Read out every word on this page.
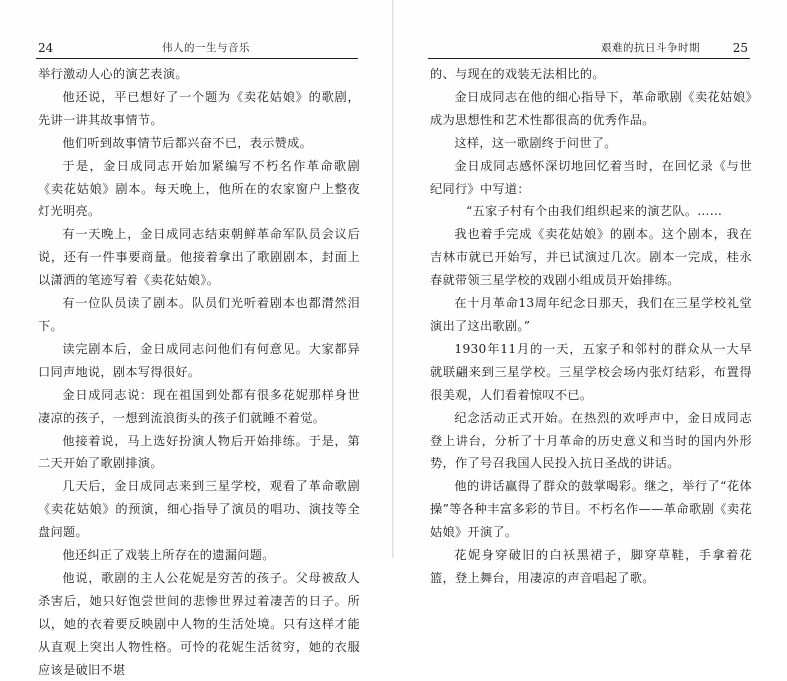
24	伟人的一生与音乐

举行激动人心的演艺表演。

他还说，平已想好了一个题为《卖花姑娘》的歌剧，先讲一讲其故事情节。

他们听到故事情节后都兴奋不已，表示赞成。

于是，金日成同志开始加紧编写不朽名作革命歌剧《卖花姑娘》剧本。每天晚上，他所在的农家窗户上整夜灯光明亮。

有一天晚上，金日成同志结束朝鲜革命军队员会议后说，还有一件事要商量。他接着拿出了歌剧剧本，封面上以潇洒的笔迹写着《卖花姑娘》。

有一位队员读了剧本。队员们光听着剧本也都潸然泪下。

读完剧本后，金日成同志问他们有何意见。大家都异口同声地说，剧本写得很好。

金日成同志说：现在祖国到处都有很多花妮那样身世凄凉的孩子，一想到流浪街头的孩子们就睡不着觉。

他接着说，马上选好扮演人物后开始排练。于是，第二天开始了歌剧排演。

几天后，金日成同志来到三星学校，观看了革命歌剧《卖花姑娘》的预演，细心指导了演员的唱功、演技等全盘问题。

他还纠正了戏装上所存在的遗漏问题。

他说，歌剧的主人公花妮是穷苦的孩子。父母被敌人杀害后，她只好饱尝世间的悲惨世界过着凄苦的日子。所以，她的衣着要反映剧中人物的生活处境。只有这样才能从直观上突出人物性格。可怜的花妮生活贫穷，她的衣服应该是破旧不堪

艰难的抗日斗争时期	25

的、与现在的戏装无法相比的。

金日成同志在他的细心指导下，革命歌剧《卖花姑娘》成为思想性和艺术性都很高的优秀作品。

这样，这一歌剧终于问世了。

金日成同志感怀深切地回忆着当时，在回忆录《与世纪同行》中写道：

“五家子村有个由我们组织起来的演艺队。……

我也着手完成《卖花姑娘》的剧本。这个剧本，我在吉林市就已开始写，并已试演过几次。剧本一完成，桂永春就带领三星学校的戏剧小组成员开始排练。

在十月革命13周年纪念日那天，我们在三星学校礼堂演出了这出歌剧。”

1930年11月的一天，五家子和邻村的群众从一大早就联翩来到三星学校。三星学校会场内张灯结彩，布置得很美观，人们看着惊叹不已。

纪念活动正式开始。在热烈的欢呼声中，金日成同志登上讲台，分析了十月革命的历史意义和当时的国内外形势，作了号召我国人民投入抗日圣战的讲话。

他的讲话赢得了群众的鼓掌喝彩。继之，举行了“花体操”等各种丰富多彩的节目。不朽名作——革命歌剧《卖花姑娘》开演了。

花妮身穿破旧的白袄黑裙子，脚穿草鞋，手拿着花篮，登上舞台，用凄凉的声音唱起了歌。
